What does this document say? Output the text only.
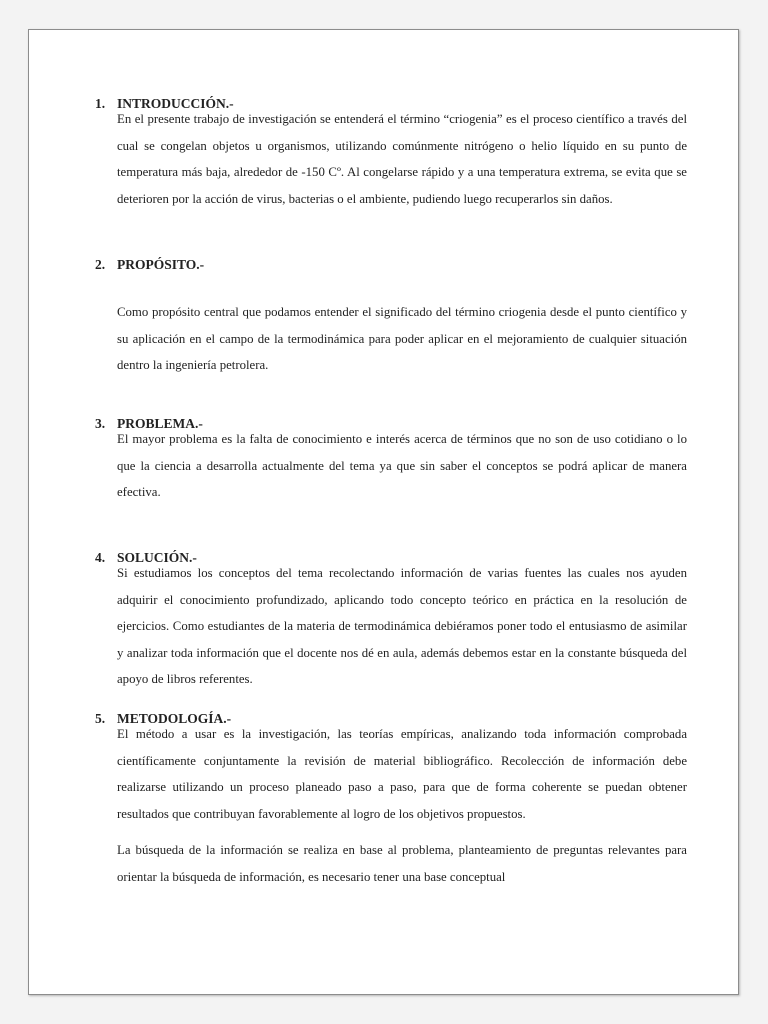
1. INTRODUCCIÓN.-

En el presente trabajo de investigación se entenderá el término “criogenia” es el proceso científico a través del cual se congelan objetos u organismos, utilizando comúnmente nitrógeno o helio líquido en su punto de temperatura más baja, alrededor de -150 Cº. Al congelarse rápido y a una temperatura extrema, se evita que se deterioren por la acción de virus, bacterias o el ambiente, pudiendo luego recuperarlos sin daños.

2. PROPÓSITO.-

Como propósito central que podamos entender el significado del término criogenia desde el punto científico y su aplicación en el campo de la termodinámica para poder aplicar en el mejoramiento de cualquier situación dentro la ingeniería petrolera.

3. PROBLEMA.-

El mayor problema es la falta de conocimiento e interés acerca de términos que no son de uso cotidiano o lo que la ciencia a desarrolla actualmente del tema ya que sin saber el conceptos se podrá aplicar de manera efectiva.

4. SOLUCIÓN.-

Si estudiamos los conceptos del tema recolectando información de varias fuentes las cuales nos ayuden adquirir el conocimiento profundizado, aplicando todo concepto teórico en práctica en la resolución de ejercicios. Como estudiantes de la materia de termodinámica debiéramos poner todo el entusiasmo de asimilar y analizar toda información que el docente nos dé en aula, además debemos estar en la constante búsqueda del apoyo de libros referentes.

5. METODOLOGÍA.-

El método a usar es la investigación, las teorías empíricas, analizando toda información comprobada científicamente conjuntamente la revisión de material bibliográfico. Recolección de información debe realizarse utilizando un proceso planeado paso a paso, para que de forma coherente se puedan obtener resultados que contribuyan favorablemente al logro de los objetivos propuestos.

La búsqueda de la información se realiza en base al problema, planteamiento de preguntas relevantes para orientar la búsqueda de información, es necesario tener una base conceptual
